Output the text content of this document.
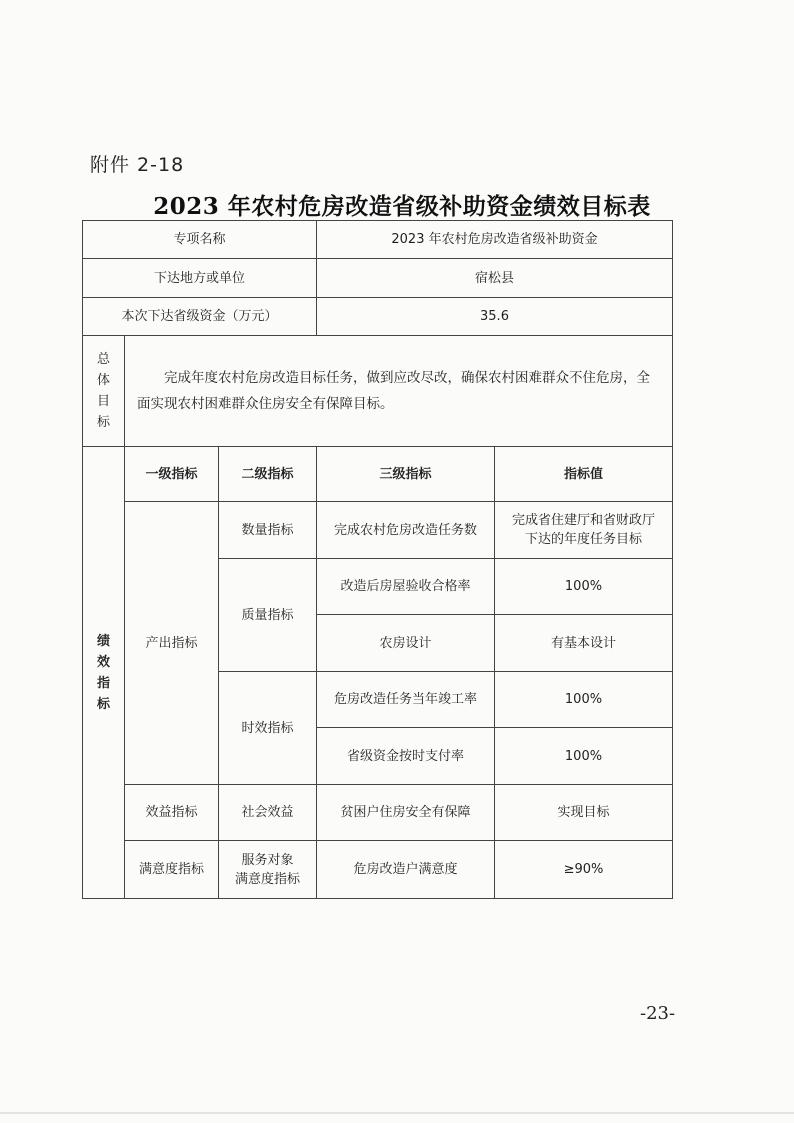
附件 2-18
2023 年农村危房改造省级补助资金绩效目标表
专项名称			2023 年农村危房改造省级补助资金	
下达地方或单位			宿松县	
本次下达省级资金（万元）			35.6	

总
体
目
标	完成年度农村危房改造目标任务，做到应改尽改，确保农村困难群众不住危房，全面实现农村困难群众住房安全有保障目标。			

绩
效
指
标	一级指标	二级指标	三级指标	指标值
	产出指标	数量指标	完成农村危房改造任务数	完成省住建厅和省财政厅
下达的年度任务目标

		质量指标	改造后房屋验收合格率	100%
			农房设计	有基本设计
		时效指标	危房改造任务当年竣工率	100%
			省级资金按时支付率	100%
	效益指标	社会效益	贫困户住房安全有保障	实现目标
	满意度指标	服务对象
满意度指标	危房改造户满意度	≥90%
-23-
